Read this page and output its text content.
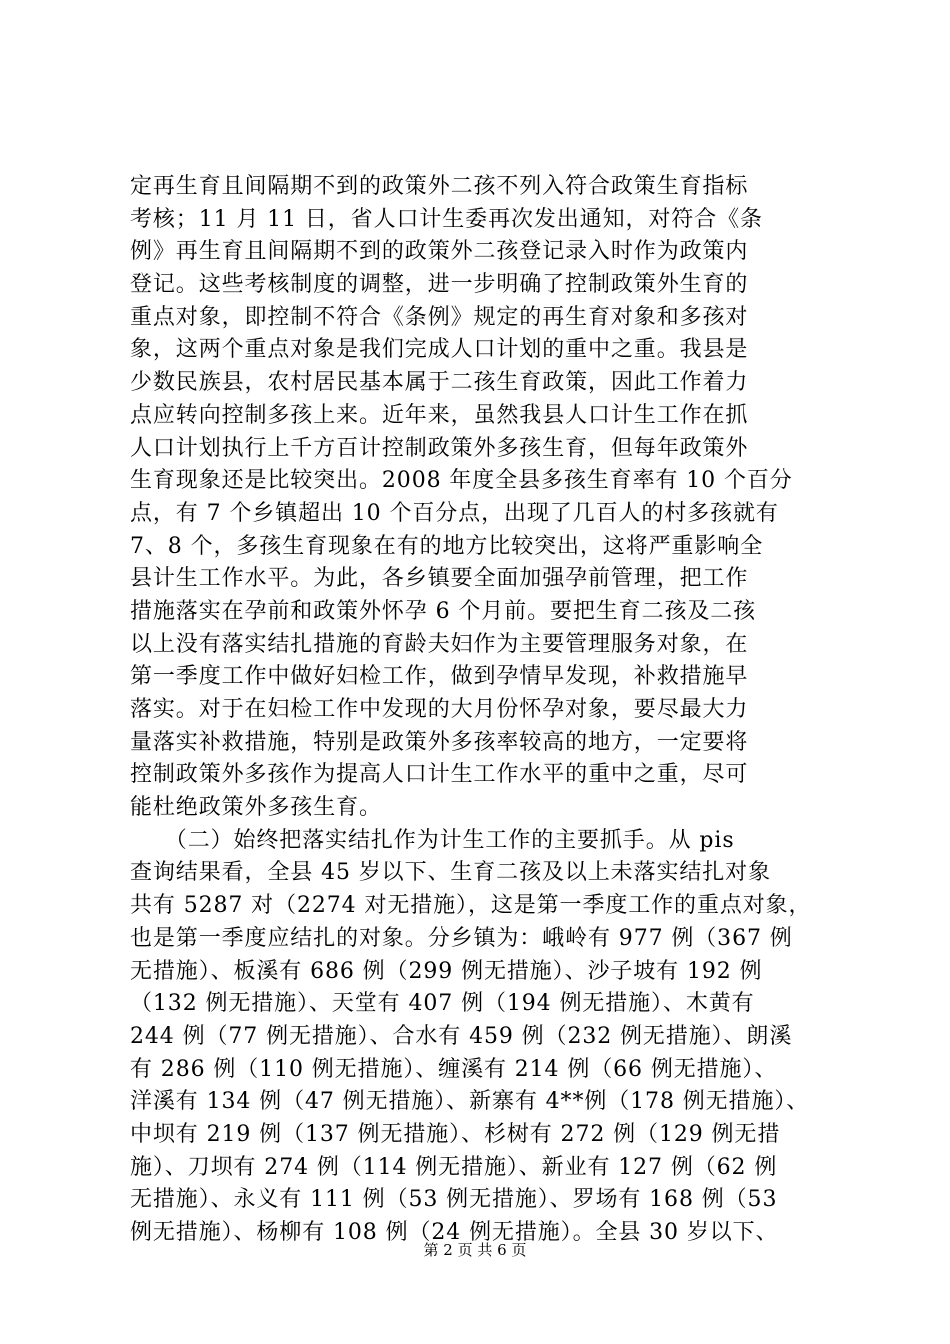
定再生育且间隔期不到的政策外二孩不列入符合政策生育指标
考核；11 月 11 日，省人口计生委再次发出通知，对符合《条
例》再生育且间隔期不到的政策外二孩登记录入时作为政策内
登记。这些考核制度的调整，进一步明确了控制政策外生育的
重点对象，即控制不符合《条例》规定的再生育对象和多孩对
象，这两个重点对象是我们完成人口计划的重中之重。我县是
少数民族县，农村居民基本属于二孩生育政策，因此工作着力
点应转向控制多孩上来。近年来，虽然我县人口计生工作在抓
人口计划执行上千方百计控制政策外多孩生育，但每年政策外
生育现象还是比较突出。2008 年度全县多孩生育率有 10 个百分
点，有 7 个乡镇超出 10 个百分点，出现了几百人的村多孩就有
7、8 个，多孩生育现象在有的地方比较突出，这将严重影响全
县计生工作水平。为此，各乡镇要全面加强孕前管理，把工作
措施落实在孕前和政策外怀孕 6 个月前。要把生育二孩及二孩
以上没有落实结扎措施的育龄夫妇作为主要管理服务对象，在
第一季度工作中做好妇检工作，做到孕情早发现，补救措施早
落实。对于在妇检工作中发现的大月份怀孕对象，要尽最大力
量落实补救措施，特别是政策外多孩率较高的地方，一定要将
控制政策外多孩作为提高人口计生工作水平的重中之重，尽可
能杜绝政策外多孩生育。
　　（二）始终把落实结扎作为计生工作的主要抓手。从 pis
查询结果看，全县 45 岁以下、生育二孩及以上未落实结扎对象
共有 5287 对（2274 对无措施），这是第一季度工作的重点对象，
也是第一季度应结扎的对象。分乡镇为：峨岭有 977 例（367 例
无措施）、板溪有 686 例（299 例无措施）、沙子坡有 192 例
（132 例无措施）、天堂有 407 例（194 例无措施）、木黄有
244 例（77 例无措施）、合水有 459 例（232 例无措施）、朗溪
有 286 例（110 例无措施）、缠溪有 214 例（66 例无措施）、
洋溪有 134 例（47 例无措施）、新寨有 4**例（178 例无措施）、
中坝有 219 例（137 例无措施）、杉树有 272 例（129 例无措
施）、刀坝有 274 例（114 例无措施）、新业有 127 例（62 例
无措施）、永义有 111 例（53 例无措施）、罗场有 168 例（53
例无措施）、杨柳有 108 例（24 例无措施）。全县 30 岁以下、
第 2 页 共 6 页
